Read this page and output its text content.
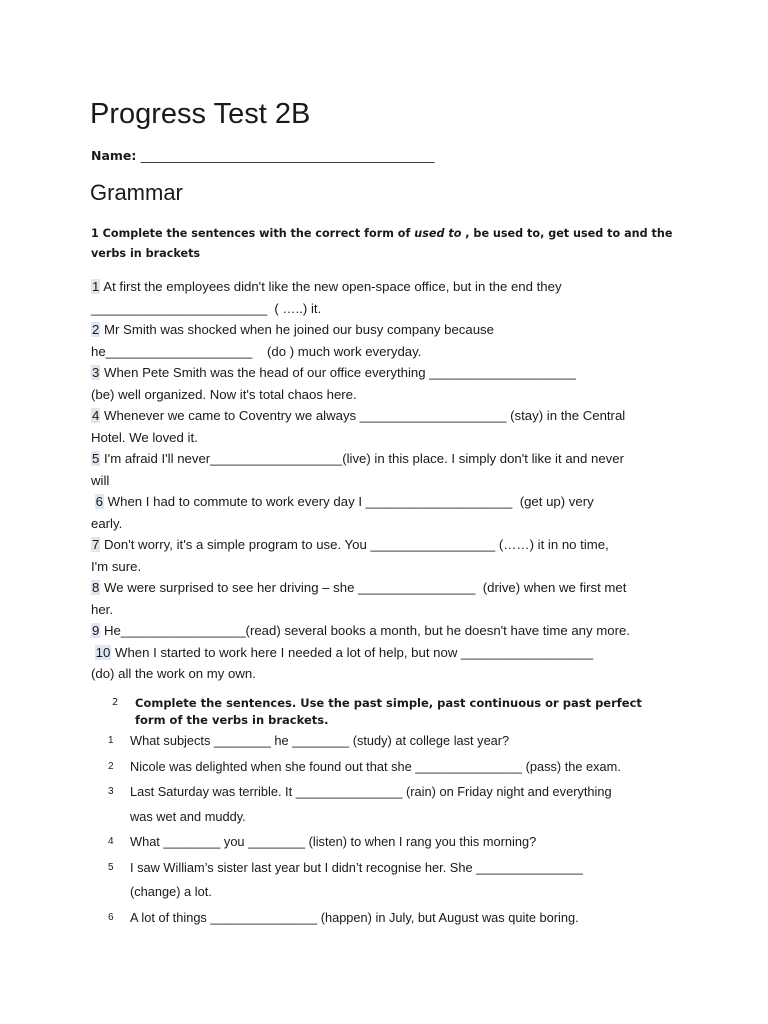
Progress Test 2B
Name: _______________________________________________
Grammar
1 Complete the sentences with the correct form of used to , be used to, get used to and the verbs in brackets
1 At first the employees didn't like the new open-space office, but in the end they
________________________  ( …..) it.
2 Mr Smith was shocked when he joined our busy company because
he____________________    (do ) much work everyday.
3 When Pete Smith was the head of our office everything ____________________
(be) well organized. Now it's total chaos here.
4 Whenever we came to Coventry we always ____________________ (stay) in the Central
Hotel. We loved it.
5 I'm afraid I'll never__________________(live) in this place. I simply don't like it and never
will
6 When I had to commute to work every day I ____________________  (get up) very
early.
7 Don't worry, it's a simple program to use. You _________________ (……) it in no time,
I'm sure.
8 We were surprised to see her driving – she ________________  (drive) when we first met
her.
9 He_________________(read) several books a month, but he doesn't have time any more.
10 When I started to work here I needed a lot of help, but now __________________
(do) all the work on my own.
2 Complete the sentences. Use the past simple, past continuous or past perfect form of the verbs in brackets.
1	What subjects ________ he ________ (study) at college last year?
2	Nicole was delighted when she found out that she _______________ (pass) the exam.
3	Last Saturday was terrible. It _______________ (rain) on Friday night and everything
was wet and muddy.
4	What ________ you ________ (listen) to when I rang you this morning?
5	I saw William’s sister last year but I didn’t recognise her. She _______________
(change) a lot.
6	A lot of things _______________ (happen) in July, but August was quite boring.
